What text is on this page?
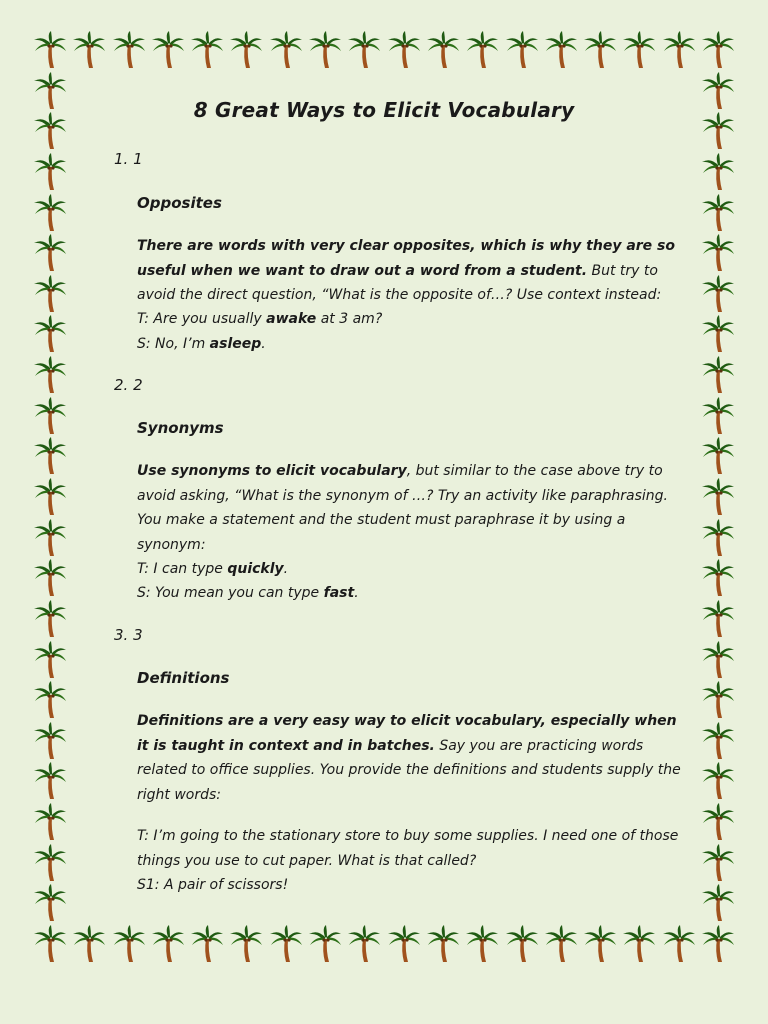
8 Great Ways to Elicit Vocabulary
1. 1
Opposites
There are words with very clear opposites, which is why they are so useful when we want to draw out a word from a student. But try to avoid the direct question, “What is the opposite of…? Use context instead:
T: Are you usually awake at 3 am?
S: No, I’m asleep.
2. 2
Synonyms
Use synonyms to elicit vocabulary, but similar to the case above try to avoid asking, “What is the synonym of …? Try an activity like paraphrasing. You make a statement and the student must paraphrase it by using a synonym:
T: I can type quickly.
S: You mean you can type fast.
3. 3
Definitions
Definitions are a very easy way to elicit vocabulary, especially when it is taught in context and in batches. Say you are practicing words related to office supplies. You provide the definitions and students supply the right words:
T: I’m going to the stationary store to buy some supplies. I need one of those things you use to cut paper. What is that called?
S1: A pair of scissors!
